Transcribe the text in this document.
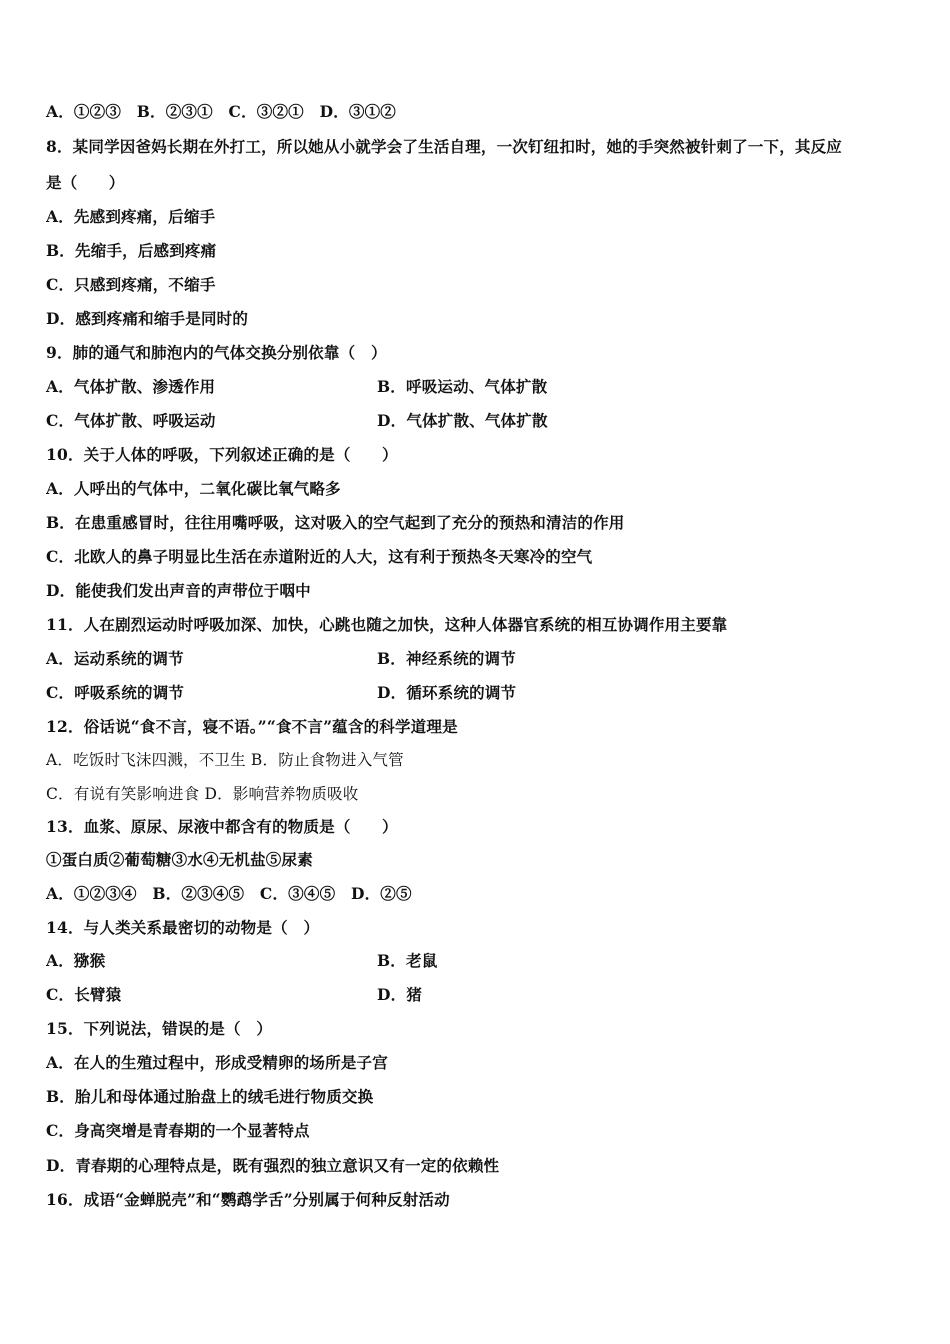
A．①②③　B．②③①　C．③②①　D．③①②
8．某同学因爸妈长期在外打工，所以她从小就学会了生活自理，一次钉纽扣时，她的手突然被针刺了一下，其反应
是（　　）
A．先感到疼痛，后缩手
B．先缩手，后感到疼痛
C．只感到疼痛，不缩手
D．感到疼痛和缩手是同时的
9．肺的通气和肺泡内的气体交换分别依靠（　）
A．气体扩散、渗透作用	B．呼吸运动、气体扩散
C．气体扩散、呼吸运动	D．气体扩散、气体扩散
10．关于人体的呼吸，下列叙述正确的是（　　）
A．人呼出的气体中，二氧化碳比氧气略多
B．在患重感冒时，往往用嘴呼吸，这对吸入的空气起到了充分的预热和清洁的作用
C．北欧人的鼻子明显比生活在赤道附近的人大，这有利于预热冬天寒冷的空气
D．能使我们发出声音的声带位于咽中
11．人在剧烈运动时呼吸加深、加快，心跳也随之加快，这种人体器官系统的相互协调作用主要靠
A．运动系统的调节	B．神经系统的调节
C．呼吸系统的调节	D．循环系统的调节
12．俗话说“食不言，寝不语。”“食不言”蕴含的科学道理是
A．吃饭时飞沫四溅，不卫生 B．防止食物进入气管
C．有说有笑影响进食 D．影响营养物质吸收
13．血浆、原尿、尿液中都含有的物质是（　　）
①蛋白质②葡萄糖③水④无机盐⑤尿素
A．①②③④　B．②③④⑤　C．③④⑤　D．②⑤
14．与人类关系最密切的动物是（　）
A．猕猴	B．老鼠
C．长臂猿	D．猪
15．下列说法，错误的是（　）
A．在人的生殖过程中，形成受精卵的场所是子宫
B．胎儿和母体通过胎盘上的绒毛进行物质交换
C．身高突增是青春期的一个显著特点
D．青春期的心理特点是，既有强烈的独立意识又有一定的依赖性
16．成语“金蝉脱壳”和“鹦鹉学舌”分别属于何种反射活动
